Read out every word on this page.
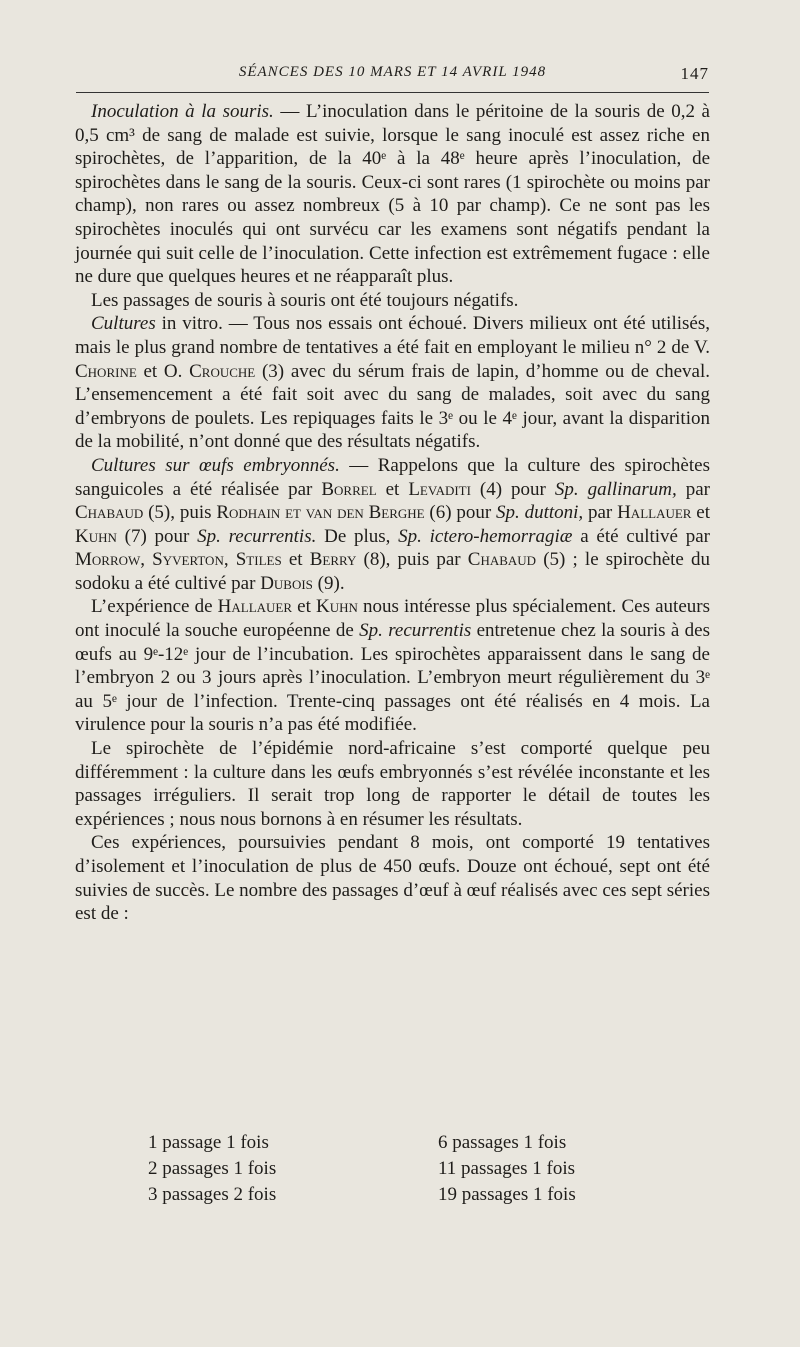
SÉANCES DES 10 MARS ET 14 AVRIL 1948	147

Inoculation à la souris. — L’inoculation dans le péritoine de la souris de 0,2 à 0,5 cm³ de sang de malade est suivie, lorsque le sang inoculé est assez riche en spirochètes, de l’apparition, de la 40ᵉ à la 48ᵉ heure après l’inoculation, de spirochètes dans le sang de la souris. Ceux-ci sont rares (1 spirochète ou moins par champ), non rares ou assez nombreux (5 à 10 par champ). Ce ne sont pas les spirochètes inoculés qui ont survécu car les examens sont négatifs pendant la journée qui suit celle de l’inoculation. Cette infection est extrêmement fugace : elle ne dure que quelques heures et ne réapparaît plus.

Les passages de souris à souris ont été toujours négatifs.

Cultures in vitro. — Tous nos essais ont échoué. Divers milieux ont été utilisés, mais le plus grand nombre de tentatives a été fait en employant le milieu n° 2 de V. Chorine et O. Crouche (3) avec du sérum frais de lapin, d’homme ou de cheval. L’ensemencement a été fait soit avec du sang de malades, soit avec du sang d’embryons de poulets. Les repiquages faits le 3ᵉ ou le 4ᵉ jour, avant la disparition de la mobilité, n’ont donné que des résultats négatifs.

Cultures sur œufs embryonnés. — Rappelons que la culture des spirochètes sanguicoles a été réalisée par Borrel et Levaditi (4) pour Sp. gallinarum, par Chabaud (5), puis Rodhain et van den Berghe (6) pour Sp. duttoni, par Hallauer et Kuhn (7) pour Sp. recurrentis. De plus, Sp. ictero-hemorragiæ a été cultivé par Morrow, Syverton, Stiles et Berry (8), puis par Chabaud (5) ; le spirochète du sodoku a été cultivé par Dubois (9).

L’expérience de Hallauer et Kuhn nous intéresse plus spécialement. Ces auteurs ont inoculé la souche européenne de Sp. recurrentis entretenue chez la souris à des œufs au 9ᵉ-12ᵉ jour de l’incubation. Les spirochètes apparaissent dans le sang de l’embryon 2 ou 3 jours après l’inoculation. L’embryon meurt régulièrement du 3ᵉ au 5ᵉ jour de l’infection. Trente-cinq passages ont été réalisés en 4 mois. La virulence pour la souris n’a pas été modifiée.

Le spirochète de l’épidémie nord-africaine s’est comporté quelque peu différemment : la culture dans les œufs embryonnés s’est révélée inconstante et les passages irréguliers. Il serait trop long de rapporter le détail de toutes les expériences ; nous nous bornons à en résumer les résultats.

Ces expériences, poursuivies pendant 8 mois, ont comporté 19 tentatives d’isolement et l’inoculation de plus de 450 œufs. Douze ont échoué, sept ont été suivies de succès. Le nombre des passages d’œuf à œuf réalisés avec ces sept séries est de :

1 passage 1 fois	6 passages 1 fois
2 passages 1 fois	11 passages 1 fois
3 passages 2 fois	19 passages 1 fois
